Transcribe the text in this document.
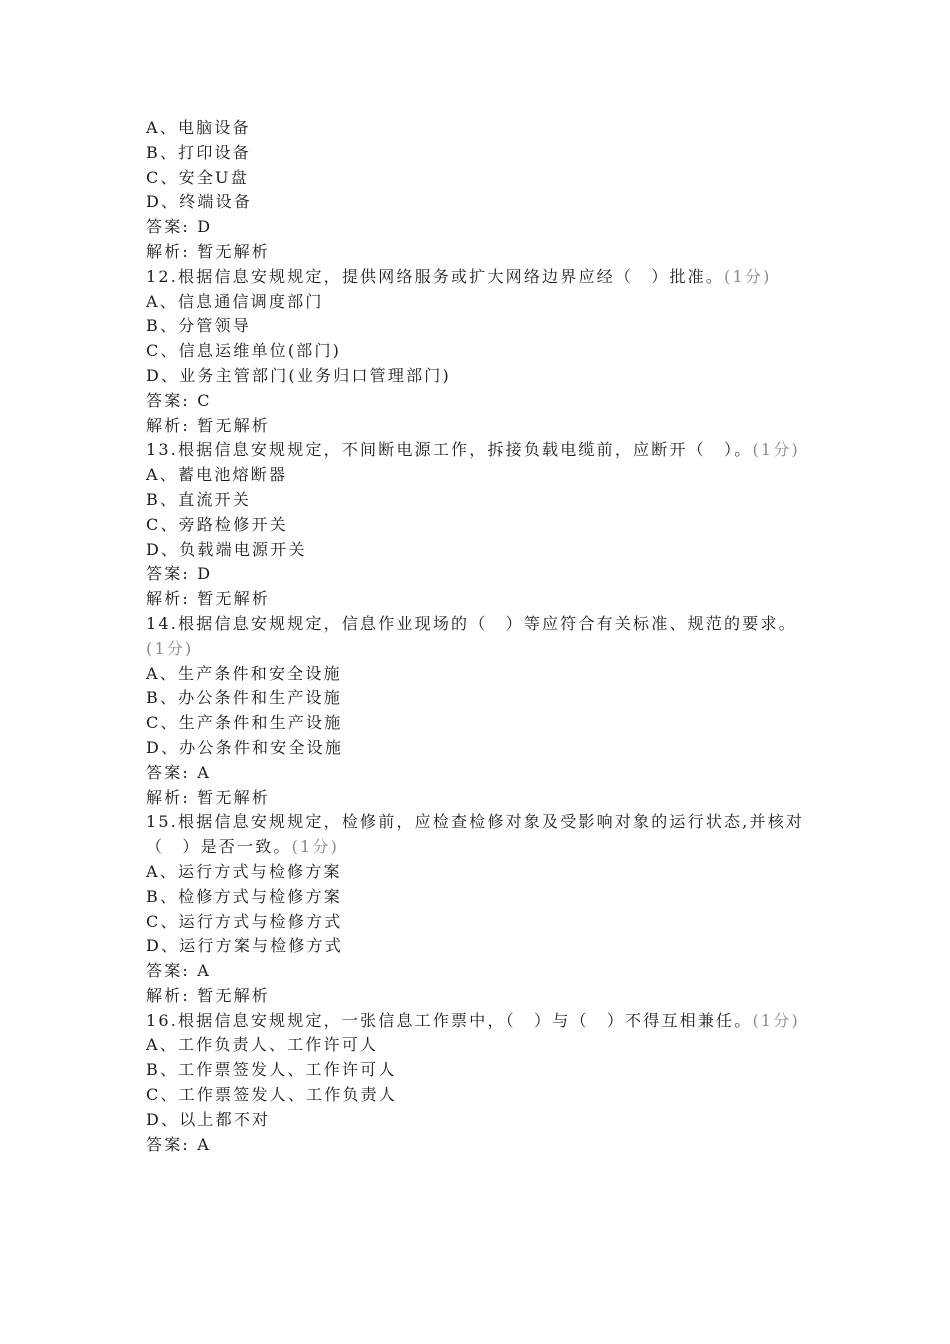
A、电脑设备
B、打印设备
C、安全U盘
D、终端设备
答案: D
解析: 暂无解析
12.根据信息安规规定，提供网络服务或扩大网络边界应经（　）批准。(1分)
A、信息通信调度部门
B、分管领导
C、信息运维单位(部门)
D、业务主管部门(业务归口管理部门)
答案: C
解析: 暂无解析
13.根据信息安规规定，不间断电源工作，拆接负载电缆前，应断开（　）。(1分)
A、蓄电池熔断器
B、直流开关
C、旁路检修开关
D、负载端电源开关
答案: D
解析: 暂无解析
14.根据信息安规规定，信息作业现场的（　）等应符合有关标准、规范的要求。(1分)
A、生产条件和安全设施
B、办公条件和生产设施
C、生产条件和生产设施
D、办公条件和安全设施
答案: A
解析: 暂无解析
15.根据信息安规规定，检修前，应检查检修对象及受影响对象的运行状态,并核对（　）是否一致。(1分)
A、运行方式与检修方案
B、检修方式与检修方案
C、运行方式与检修方式
D、运行方案与检修方式
答案: A
解析: 暂无解析
16.根据信息安规规定，一张信息工作票中，（　）与（　）不得互相兼任。(1分)
A、工作负责人、工作许可人
B、工作票签发人、工作许可人
C、工作票签发人、工作负责人
D、以上都不对
答案: A
